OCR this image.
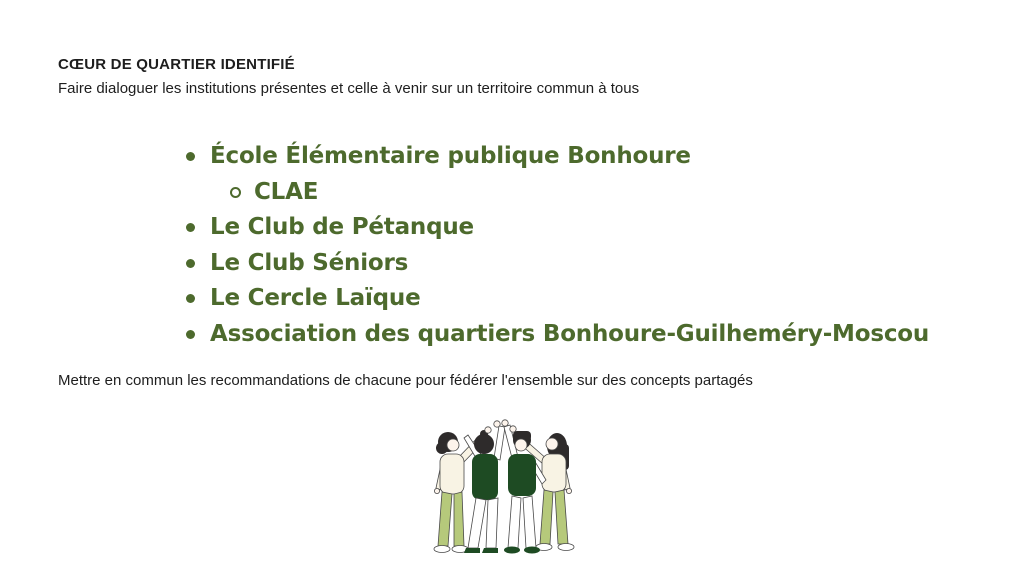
CŒUR DE QUARTIER IDENTIFIÉ
Faire dialoguer les institutions présentes et celle à venir sur un territoire commun à tous
École Élémentaire publique Bonhoure
CLAE
Le Club de Pétanque
Le Club Séniors
Le Cercle Laïque
Association des quartiers Bonhoure-Guilheméry-Moscou
Mettre en commun les recommandations de chacune pour fédérer l'ensemble sur des concepts partagés
